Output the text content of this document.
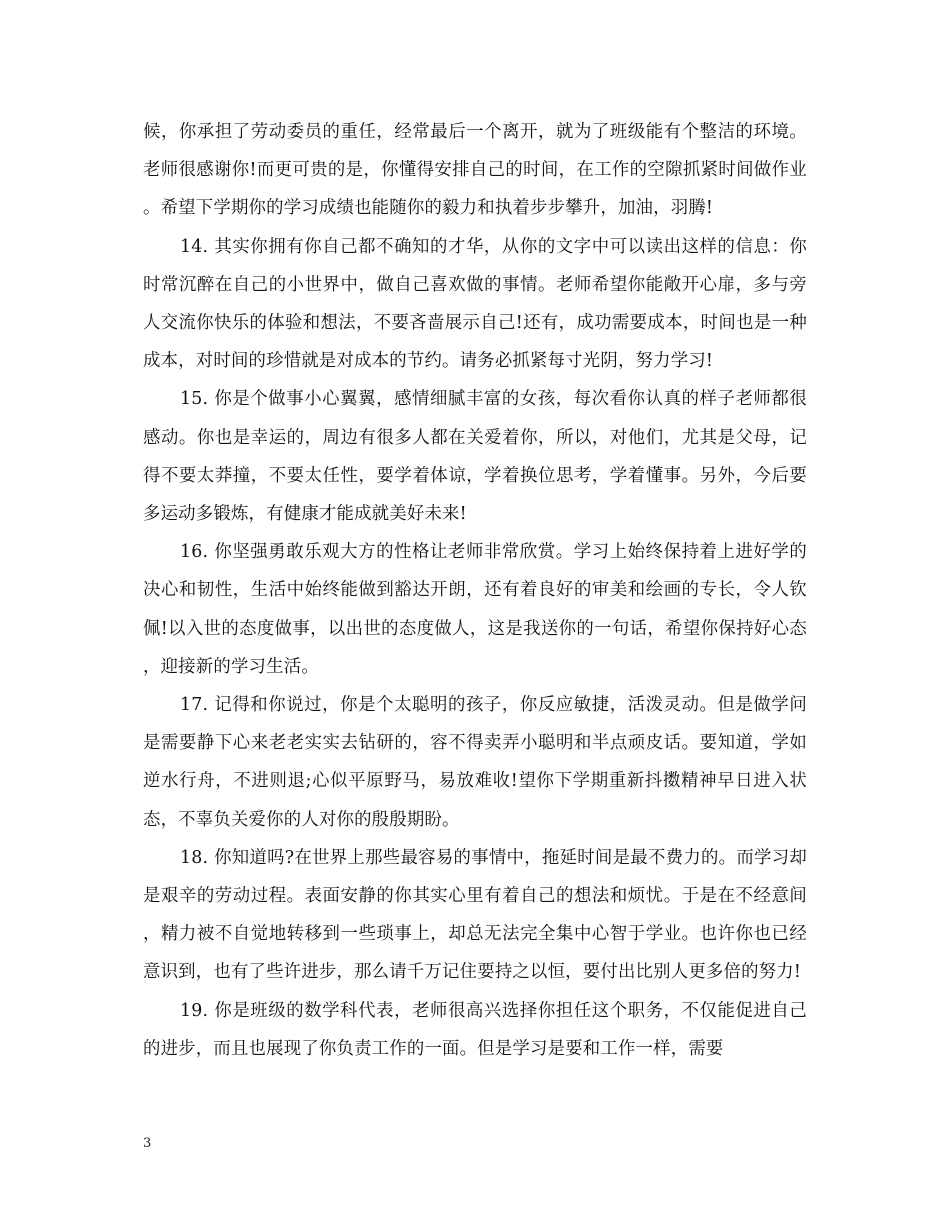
候，你承担了劳动委员的重任，经常最后一个离开，就为了班级能有个整洁的环境。老师很感谢你!而更可贵的是，你懂得安排自己的时间，在工作的空隙抓紧时间做作业。希望下学期你的学习成绩也能随你的毅力和执着步步攀升，加油，羽腾!

14. 其实你拥有你自己都不确知的才华，从你的文字中可以读出这样的信息：你时常沉醉在自己的小世界中，做自己喜欢做的事情。老师希望你能敞开心扉，多与旁人交流你快乐的体验和想法，不要吝啬展示自己!还有，成功需要成本，时间也是一种成本，对时间的珍惜就是对成本的节约。请务必抓紧每寸光阴，努力学习!

15. 你是个做事小心翼翼，感情细腻丰富的女孩，每次看你认真的样子老师都很感动。你也是幸运的，周边有很多人都在关爱着你，所以，对他们，尤其是父母，记得不要太莽撞，不要太任性，要学着体谅，学着换位思考，学着懂事。另外，今后要多运动多锻炼，有健康才能成就美好未来!

16. 你坚强勇敢乐观大方的性格让老师非常欣赏。学习上始终保持着上进好学的决心和韧性，生活中始终能做到豁达开朗，还有着良好的审美和绘画的专长，令人钦佩!以入世的态度做事，以出世的态度做人，这是我送你的一句话，希望你保持好心态，迎接新的学习生活。

17. 记得和你说过，你是个太聪明的孩子，你反应敏捷，活泼灵动。但是做学问是需要静下心来老老实实去钻研的，容不得卖弄小聪明和半点顽皮话。要知道，学如逆水行舟，不进则退;心似平原野马，易放难收!望你下学期重新抖擞精神早日进入状态，不辜负关爱你的人对你的殷殷期盼。

18. 你知道吗?在世界上那些最容易的事情中，拖延时间是最不费力的。而学习却是艰辛的劳动过程。表面安静的你其实心里有着自己的想法和烦忧。于是在不经意间，精力被不自觉地转移到一些琐事上，却总无法完全集中心智于学业。也许你也已经意识到，也有了些许进步，那么请千万记住要持之以恒，要付出比别人更多倍的努力!

19. 你是班级的数学科代表，老师很高兴选择你担任这个职务，不仅能促进自己的进步，而且也展现了你负责工作的一面。但是学习是要和工作一样，需要

3
